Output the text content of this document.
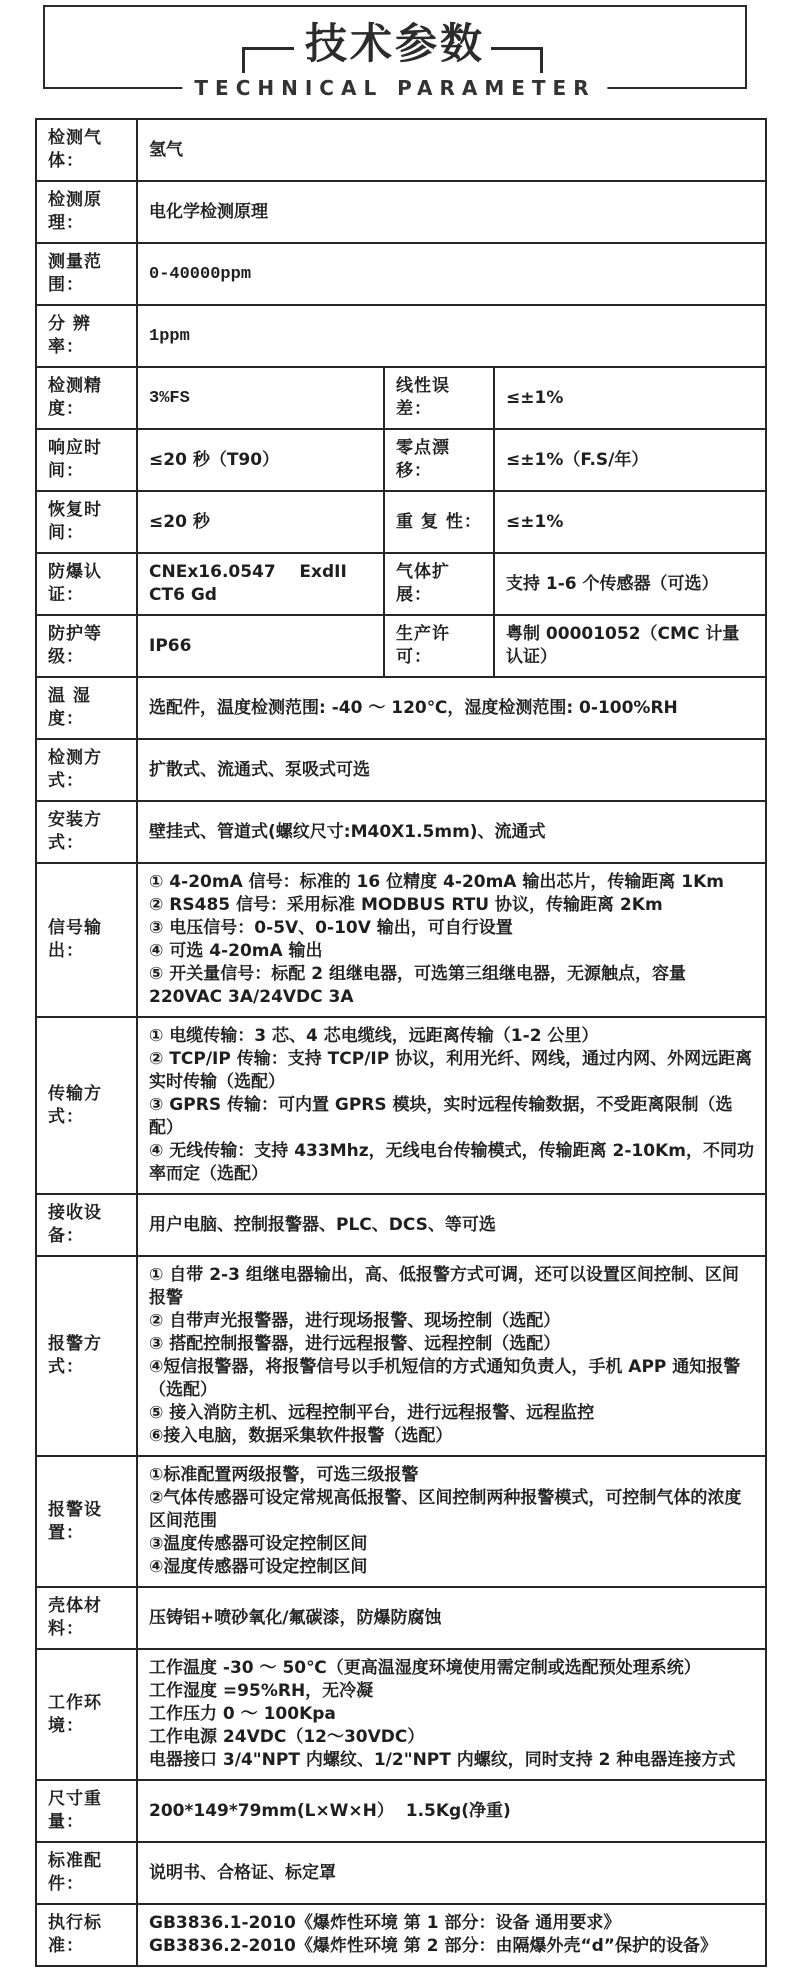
技术参数
TECHNICAL PARAMETER
检测气体：	氢气		
检测原理：	电化学检测原理		
测量范围：	0-40000ppm		
分 辨 率：	1ppm		
检测精度：	3%FS	线性误差：	≤±1%
响应时间：	≤20 秒（T90）	零点漂移：	≤±1%（F.S/年）
恢复时间：	≤20 秒	重 复 性：	≤±1%
防爆认证：	CNEx16.0547    ExdII CT6 Gd	气体扩展：	支持 1-6 个传感器（可选）
防护等级：	IP66	生产许可：	粤制 00001052（CMC 计量认证）
温 湿 度：	选配件，温度检测范围: -40 ～ 120℃，湿度检测范围: 0-100%RH		
检测方式：	扩散式、流通式、泵吸式可选		
安装方式：	壁挂式、管道式(螺纹尺寸:M40X1.5mm)、流通式		
信号输出：	① 4-20mA 信号：标准的 16 位精度 4-20mA 输出芯片，传输距离 1Km
② RS485 信号：采用标准 MODBUS RTU 协议，传输距离 2Km
③ 电压信号：0-5V、0-10V 输出，可自行设置
④ 可选 4-20mA 输出
⑤ 开关量信号：标配 2 组继电器，可选第三组继电器，无源触点，容量 220VAC 3A/24VDC 3A		

传输方式：	① 电缆传输：3 芯、4 芯电缆线，远距离传输（1-2 公里）
② TCP/IP 传输：支持 TCP/IP 协议，利用光纤、网线，通过内网、外网远距离实时传输（选配）
③ GPRS 传输：可内置 GPRS 模块，实时远程传输数据，不受距离限制（选配）
④ 无线传输：支持 433Mhz，无线电台传输模式，传输距离 2-10Km，不同功率而定（选配）		

接收设备：	用户电脑、控制报警器、PLC、DCS、等可选		
报警方式：	
① 自带 2-3 组继电器输出，高、低报警方式可调，还可以设置区间控制、区间报警
② 自带声光报警器，进行现场报警、现场控制（选配）
③ 搭配控制报警器，进行远程报警、远程控制（选配）
④短信报警器，将报警信号以手机短信的方式通知负责人，手机 APP 通知报警（选配）
⑤ 接入消防主机、远程控制平台，进行远程报警、远程监控
⑥接入电脑，数据采集软件报警（选配）

报警设置：	①标准配置两级报警，可选三级报警
②气体传感器可设定常规高低报警、区间控制两种报警模式，可控制气体的浓度区间范围
③温度传感器可设定控制区间
④湿度传感器可设定控制区间		

壳体材料：	压铸铝+喷砂氧化/氟碳漆，防爆防腐蚀		
工作环境：	工作温度 -30 ～ 50℃（更高温湿度环境使用需定制或选配预处理系统）
工作湿度 =95%RH，无冷凝
工作压力 0 ～ 100Kpa
工作电源 24VDC（12～30VDC）
电器接口 3/4"NPT 内螺纹、1/2"NPT 内螺纹，同时支持 2 种电器连接方式		

尺寸重量：	200*149*79mm(L×W×H）  1.5Kg(净重)		
标准配件：	说明书、合格证、标定罩		
执行标准：	GB3836.1-2010《爆炸性环境 第 1 部分：设备 通用要求》
GB3836.2-2010《爆炸性环境 第 2 部分：由隔爆外壳“d”保护的设备》		
